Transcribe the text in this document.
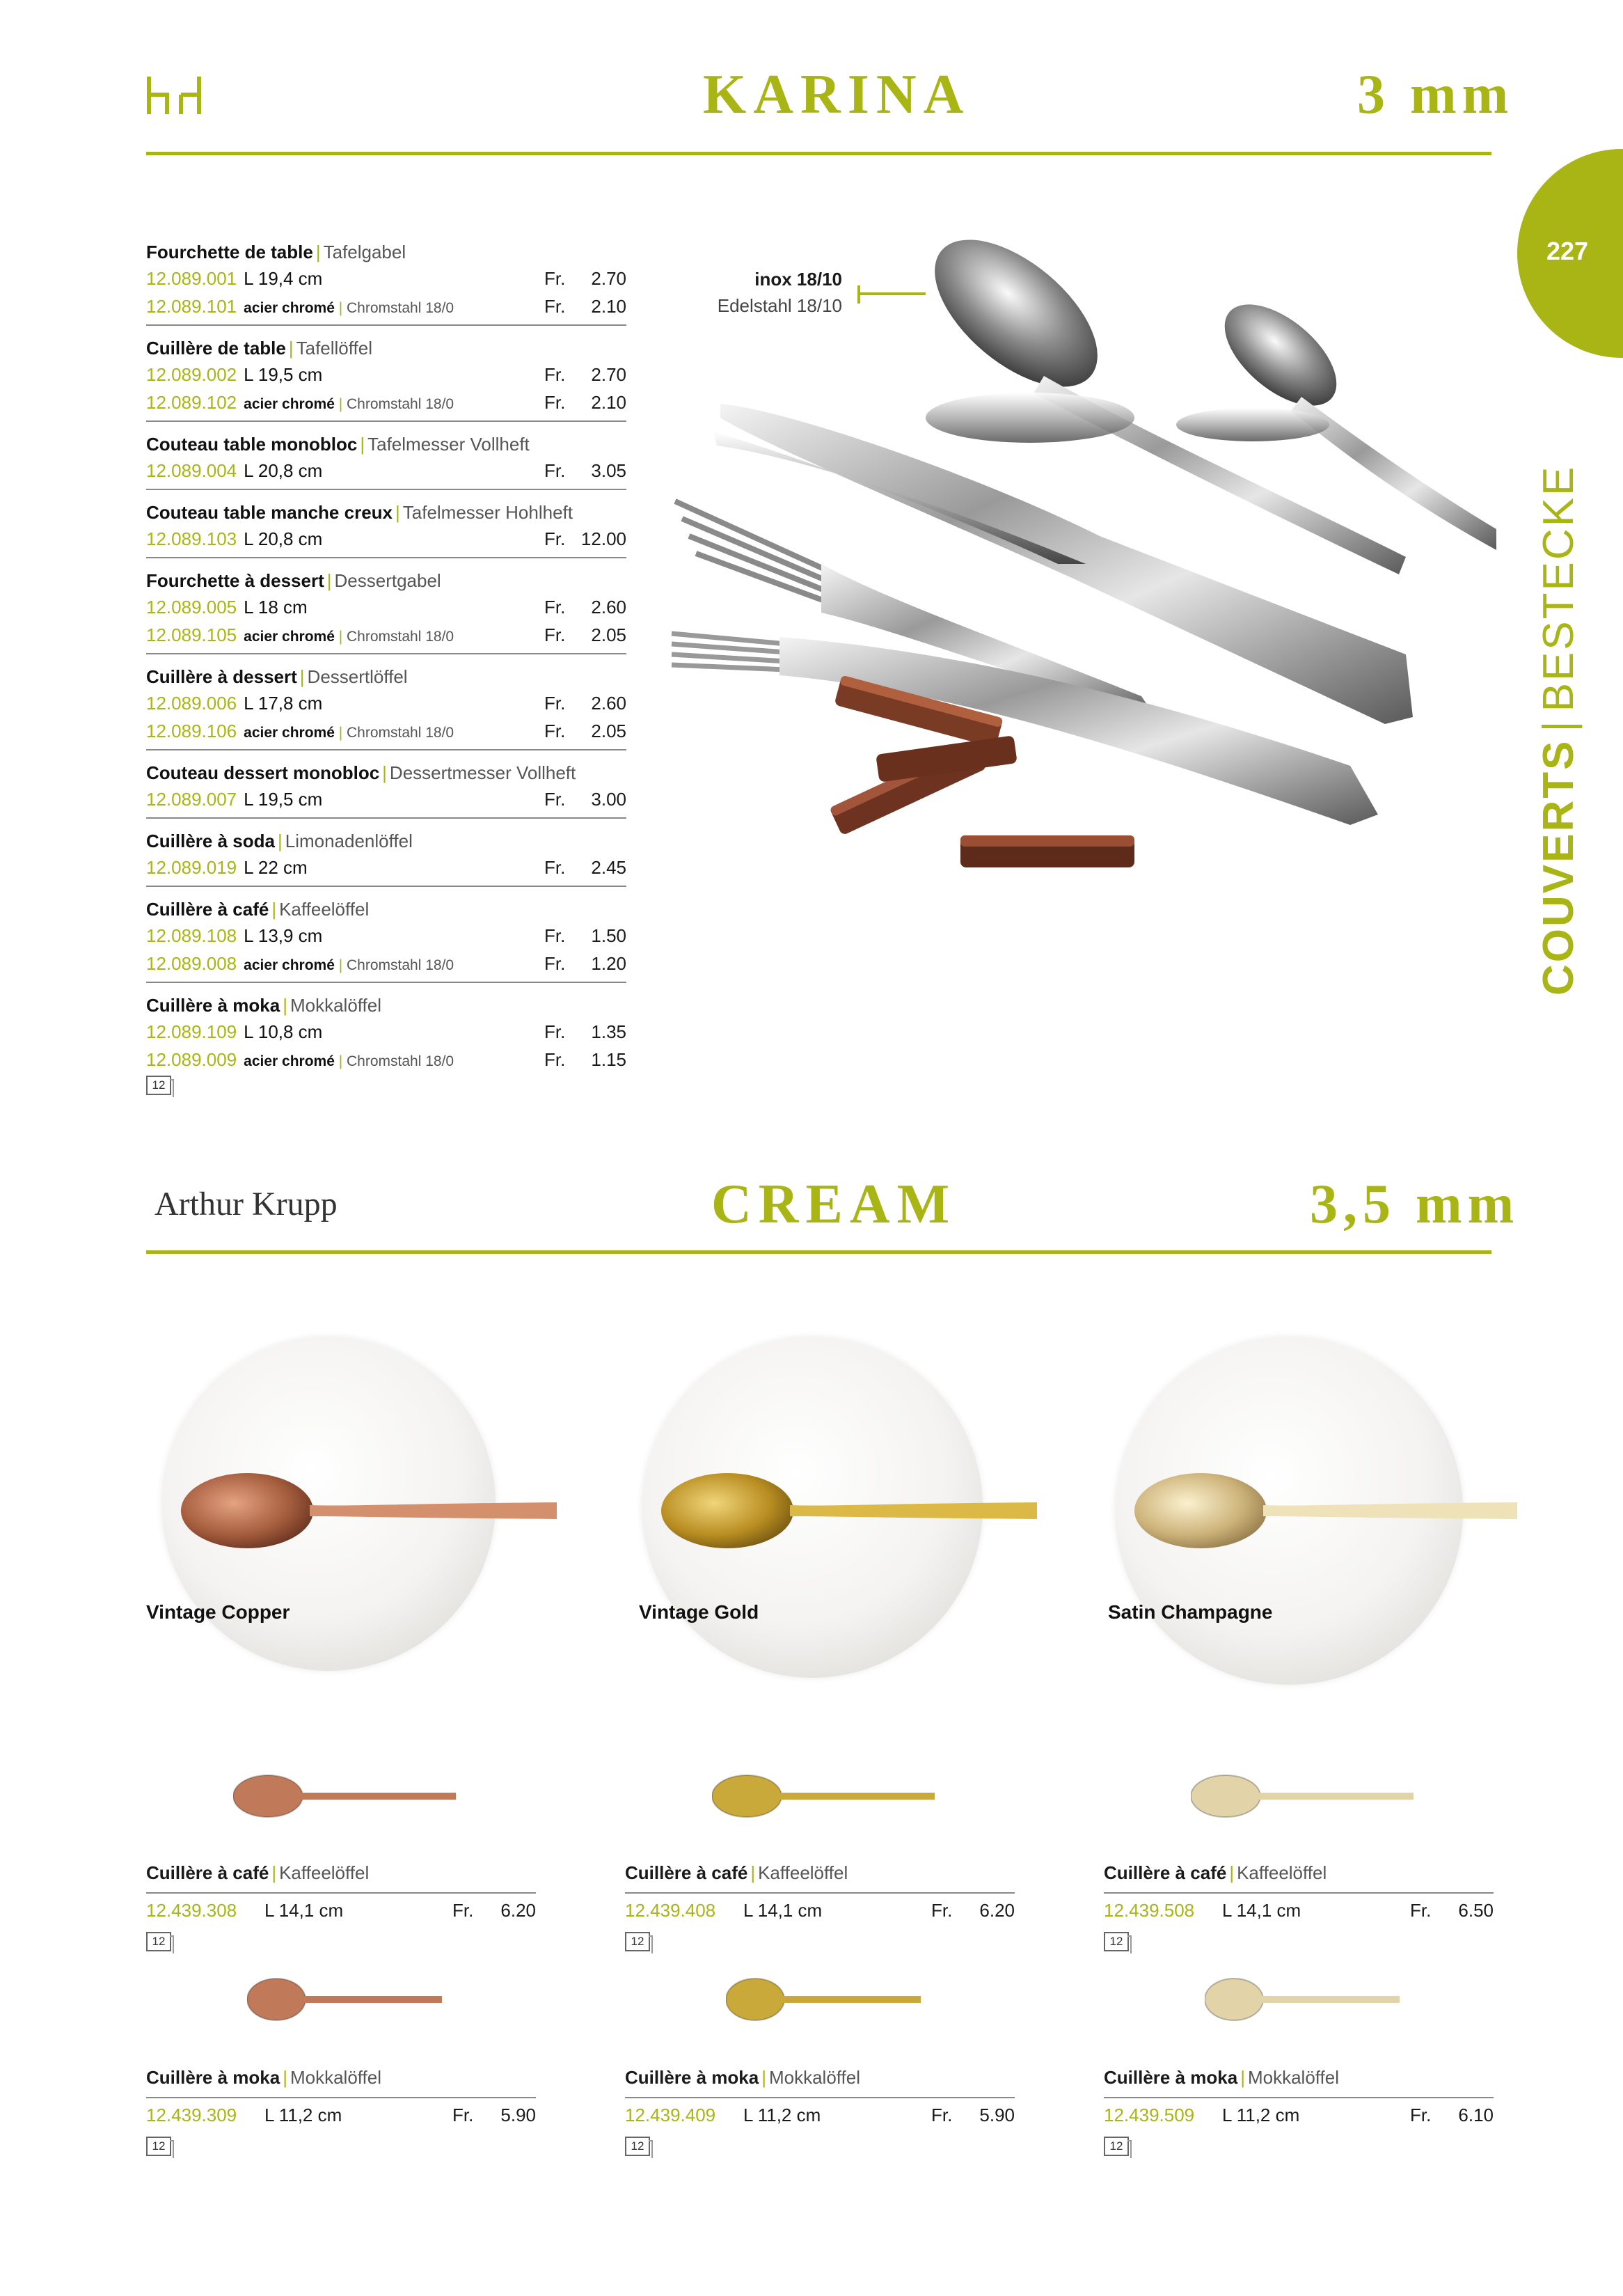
KARINA	3 mm
227
COUVERTS|BESTECKE
Fourchette de table | Tafelgabel
12.089.001 L 19,4 cm	Fr. 2.70
12.089.101 acier chromé | Chromstahl 18/0	Fr. 2.10
Cuillère de table | Tafellöffel
12.089.002 L 19,5 cm	Fr. 2.70
12.089.102 acier chromé | Chromstahl 18/0	Fr. 2.10
Couteau table monobloc | Tafelmesser Vollheft
12.089.004 L 20,8 cm	Fr. 3.05
Couteau table manche creux | Tafelmesser Hohlheft
12.089.103 L 20,8 cm	Fr. 12.00
Fourchette à dessert | Dessertgabel
12.089.005 L 18 cm	Fr. 2.60
12.089.105 acier chromé | Chromstahl 18/0	Fr. 2.05
Cuillère à dessert | Dessertlöffel
12.089.006 L 17,8 cm	Fr. 2.60
12.089.106 acier chromé | Chromstahl 18/0	Fr. 2.05
Couteau dessert monobloc | Dessertmesser Vollheft
12.089.007 L 19,5 cm	Fr. 3.00
Cuillère à soda | Limonadenlöffel
12.089.019 L 22 cm	Fr. 2.45
Cuillère à café | Kaffeelöffel
12.089.108 L 13,9 cm	Fr. 1.50
12.089.008 acier chromé | Chromstahl 18/0	Fr. 1.20
Cuillère à moka | Mokkalöffel
12.089.109 L 10,8 cm	Fr. 1.35
12.089.009 acier chromé | Chromstahl 18/0	Fr. 1.15
12
inox 18/10
Edelstahl 18/10
Arthur Krupp	CREAM	3,5 mm
Vintage Copper
Cuillère à café | Kaffeelöffel
12.439.308 L 14,1 cm	Fr. 6.20
12
Cuillère à moka | Mokkalöffel
12.439.309 L 11,2 cm	Fr. 5.90
12
Vintage Gold
Cuillère à café | Kaffeelöffel
12.439.408 L 14,1 cm	Fr. 6.20
12
Cuillère à moka | Mokkalöffel
12.439.409 L 11,2 cm	Fr. 5.90
12
Satin Champagne
Cuillère à café | Kaffeelöffel
12.439.508 L 14,1 cm	Fr. 6.50
12
Cuillère à moka | Mokkalöffel
12.439.509 L 11,2 cm	Fr. 6.10
12
